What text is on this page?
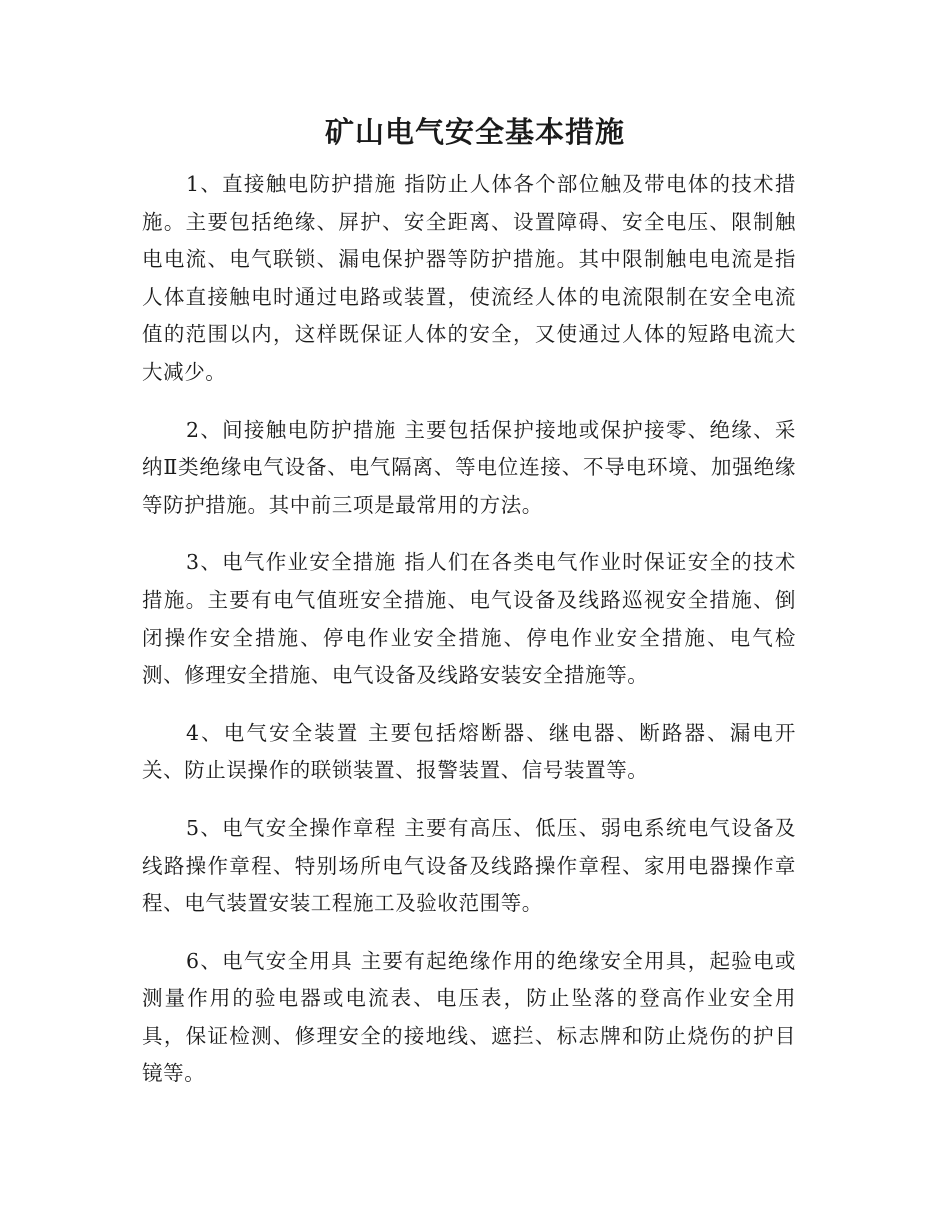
矿山电气安全基本措施

1、直接触电防护措施 指防止人体各个部位触及带电体的技术措施。主要包括绝缘、屏护、安全距离、设置障碍、安全电压、限制触电电流、电气联锁、漏电保护器等防护措施。其中限制触电电流是指人体直接触电时通过电路或装置，使流经人体的电流限制在安全电流值的范围以内，这样既保证人体的安全，又使通过人体的短路电流大大减少。

2、间接触电防护措施 主要包括保护接地或保护接零、绝缘、采纳Ⅱ类绝缘电气设备、电气隔离、等电位连接、不导电环境、加强绝缘等防护措施。其中前三项是最常用的方法。

3、电气作业安全措施 指人们在各类电气作业时保证安全的技术措施。主要有电气值班安全措施、电气设备及线路巡视安全措施、倒闭操作安全措施、停电作业安全措施、停电作业安全措施、电气检测、修理安全措施、电气设备及线路安装安全措施等。

4、电气安全装置 主要包括熔断器、继电器、断路器、漏电开关、防止误操作的联锁装置、报警装置、信号装置等。

5、电气安全操作章程 主要有高压、低压、弱电系统电气设备及线路操作章程、特别场所电气设备及线路操作章程、家用电器操作章程、电气装置安装工程施工及验收范围等。

6、电气安全用具 主要有起绝缘作用的绝缘安全用具，起验电或测量作用的验电器或电流表、电压表，防止坠落的登高作业安全用具，保证检测、修理安全的接地线、遮拦、标志牌和防止烧伤的护目镜等。
